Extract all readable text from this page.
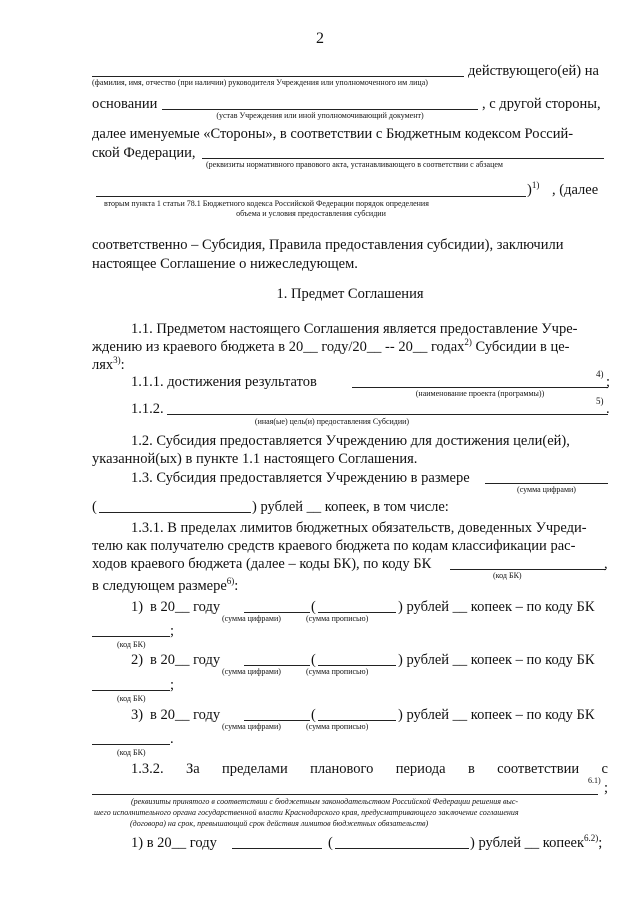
2
действующего(ей) на
(фамилия, имя, отчество (при наличии) руководителя Учреждения или уполномоченного им лица)
основании	, с другой стороны,
(устав Учреждения или иной уполномочивающий документ)
далее именуемые «Стороны», в соответствии с Бюджетным кодексом Россий-
ской Федерации,
(реквизиты нормативного правового акта, устанавливающего в соответствии с абзацем
)$^{1)}$ , (далее
вторым пункта 1 статьи 78.1 Бюджетного кодекса Российской Федерации порядок определения
объема и условия предоставления субсидии
соответственно – Субсидия, Правила предоставления субсидии), заключили
настоящее Соглашение о нижеследующем.
1. Предмет Соглашения
1.1. Предметом настоящего Соглашения является предоставление Учре-
ждению из краевого бюджета в 20__ году/20__ -- 20__ годах$^{2)}$ Субсидии в це-
лях$^{3)}$:
1.1.1. достижения результатов	4) ;
(наименование проекта (программы))
1.1.2.	5) .
(иная(ые) цель(и) предоставления Субсидии)
1.2. Субсидия предоставляется Учреждению для достижения цели(ей),
указанной(ых) в пункте 1.1 настоящего Соглашения.
1.3. Субсидия предоставляется Учреждению в размере
(сумма цифрами)
(	) рублей __ копеек, в том числе:
1.3.1. В пределах лимитов бюджетных обязательств, доведенных Учреди-
телю как получателю средств краевого бюджета по кодам классификации рас-
ходов краевого бюджета (далее – коды БК), по коду БК	,
(код БК)
в следующем размере$^{6)}$:
1) в 20__ году	(	) рублей __ копеек – по коду БК
(сумма цифрами)	(сумма прописью)
;
(код БК)
2) в 20__ году	(	) рублей __ копеек – по коду БК
(сумма цифрами)	(сумма прописью)
;
(код БК)
3) в 20__ году	(	) рублей __ копеек – по коду БК
(сумма цифрами)	(сумма прописью)
.
(код БК)
1.3.2. За пределами планового периода в соответствии с
6.1) ;
(реквизиты принятого в соответствии с бюджетным законодательством Российской Федерации решения выс-
шего исполнительного органа государственной власти Краснодарского края, предусматривающего заключение соглашения
(договора) на срок, превышающий срок действия лимитов бюджетных обязательств)
1) в 20__ году	(	) рублей __ копеек$^{6.2)}$;
